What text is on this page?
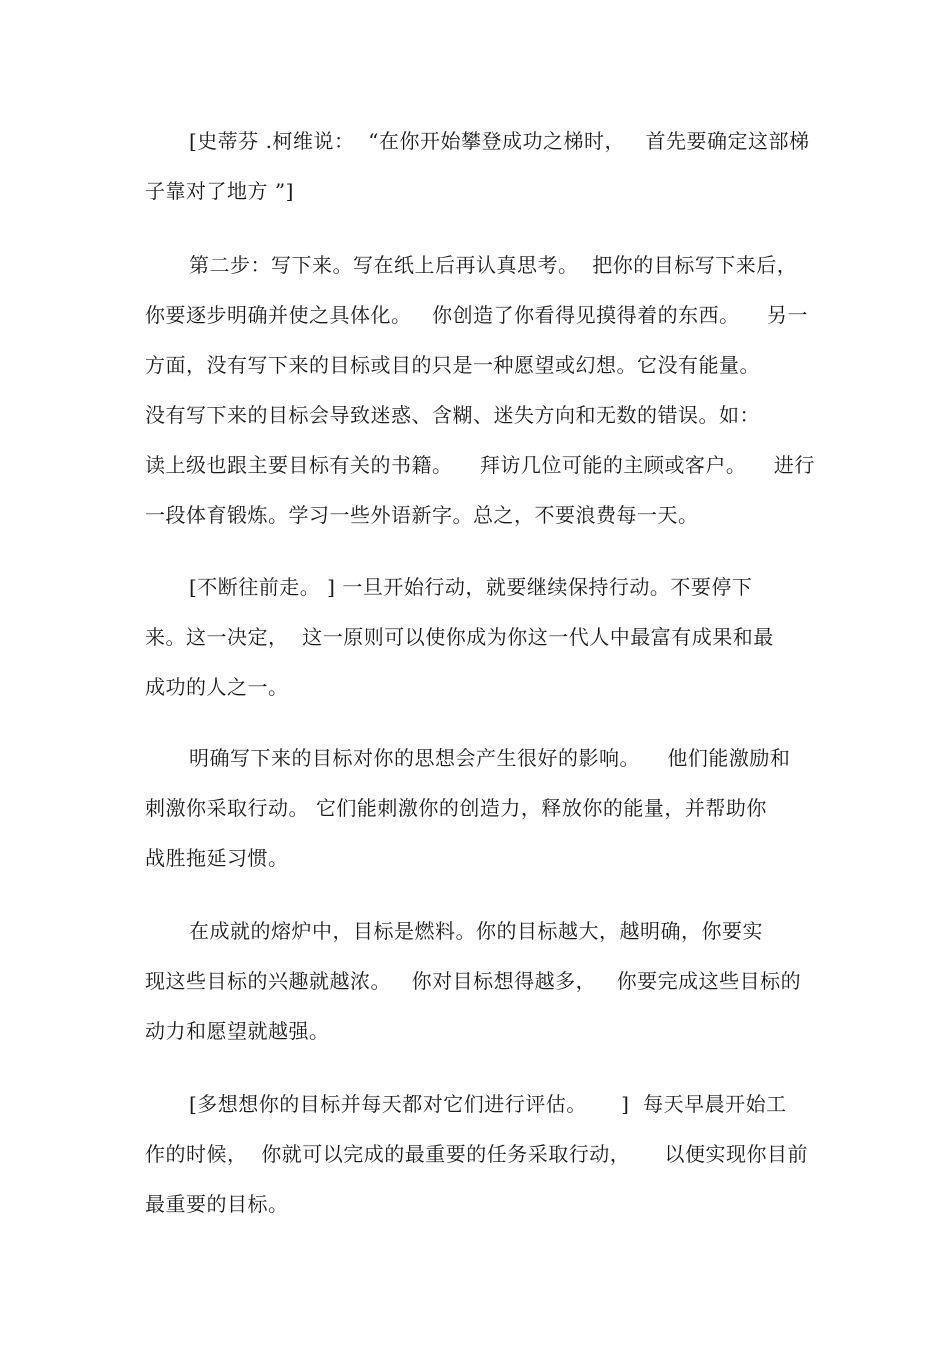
[史蒂芬 .柯维说：  “在你开始攀登成功之梯时，   首先要确定这部梯
子靠对了地方 ”]
第二步：写下来。写在纸上后再认真思考。  把你的目标写下来后，
你要逐步明确并使之具体化。   你创造了你看得见摸得着的东西。    另一
方面，没有写下来的目标或目的只是一种愿望或幻想。它没有能量。
没有写下来的目标会导致迷惑、含糊、迷失方向和无数的错误。如：
读上级也跟主要目标有关的书籍。    拜访几位可能的主顾或客户。    进行
一段体育锻炼。学习一些外语新字。总之，不要浪费每一天。
[不断往前走。 ] 一旦开始行动，就要继续保持行动。不要停下
来。这一决定，  这一原则可以使你成为你这一代人中最富有成果和最
成功的人之一。
明确写下来的目标对你的思想会产生很好的影响。    他们能激励和
刺激你采取行动。 它们能刺激你的创造力，释放你的能量，并帮助你
战胜拖延习惯。
在成就的熔炉中，目标是燃料。你的目标越大，越明确，你要实
现这些目标的兴趣就越浓。   你对目标想得越多，   你要完成这些目标的
动力和愿望就越强。
[多想想你的目标并每天都对它们进行评估。     ]  每天早晨开始工
作的时候，  你就可以完成的最重要的任务采取行动，     以便实现你目前
最重要的目标。
